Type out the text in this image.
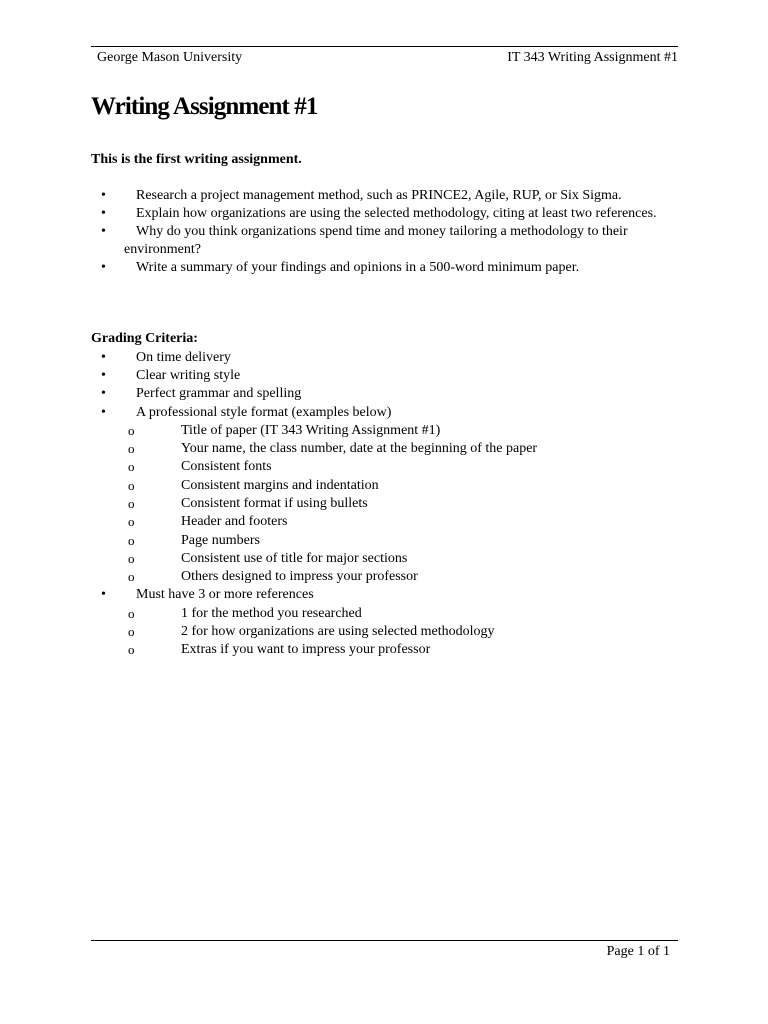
George Mason University	IT 343 Writing Assignment #1
Writing Assignment #1
This is the first writing assignment.
•	Research a project management method, such as PRINCE2, Agile, RUP, or Six Sigma.
•	Explain how organizations are using the selected methodology, citing at least two references.
•	Why do you think organizations spend time and money tailoring a methodology to their environment?
•	Write a summary of your findings and opinions in a 500-word minimum paper.
Grading Criteria:
• On time delivery
• Clear writing style
• Perfect grammar and spelling
• A professional style format (examples below)
o	Title of paper (IT 343 Writing Assignment #1)
o	Your name, the class number, date at the beginning of the paper
o	Consistent fonts
o	Consistent margins and indentation
o	Consistent format if using bullets
o	Header and footers
o	Page numbers
o	Consistent use of title for major sections
o	Others designed to impress your professor
• Must have 3 or more references
o	1 for the method you researched
o	2 for how organizations are using selected methodology
o	Extras if you want to impress your professor
Page 1 of 1
